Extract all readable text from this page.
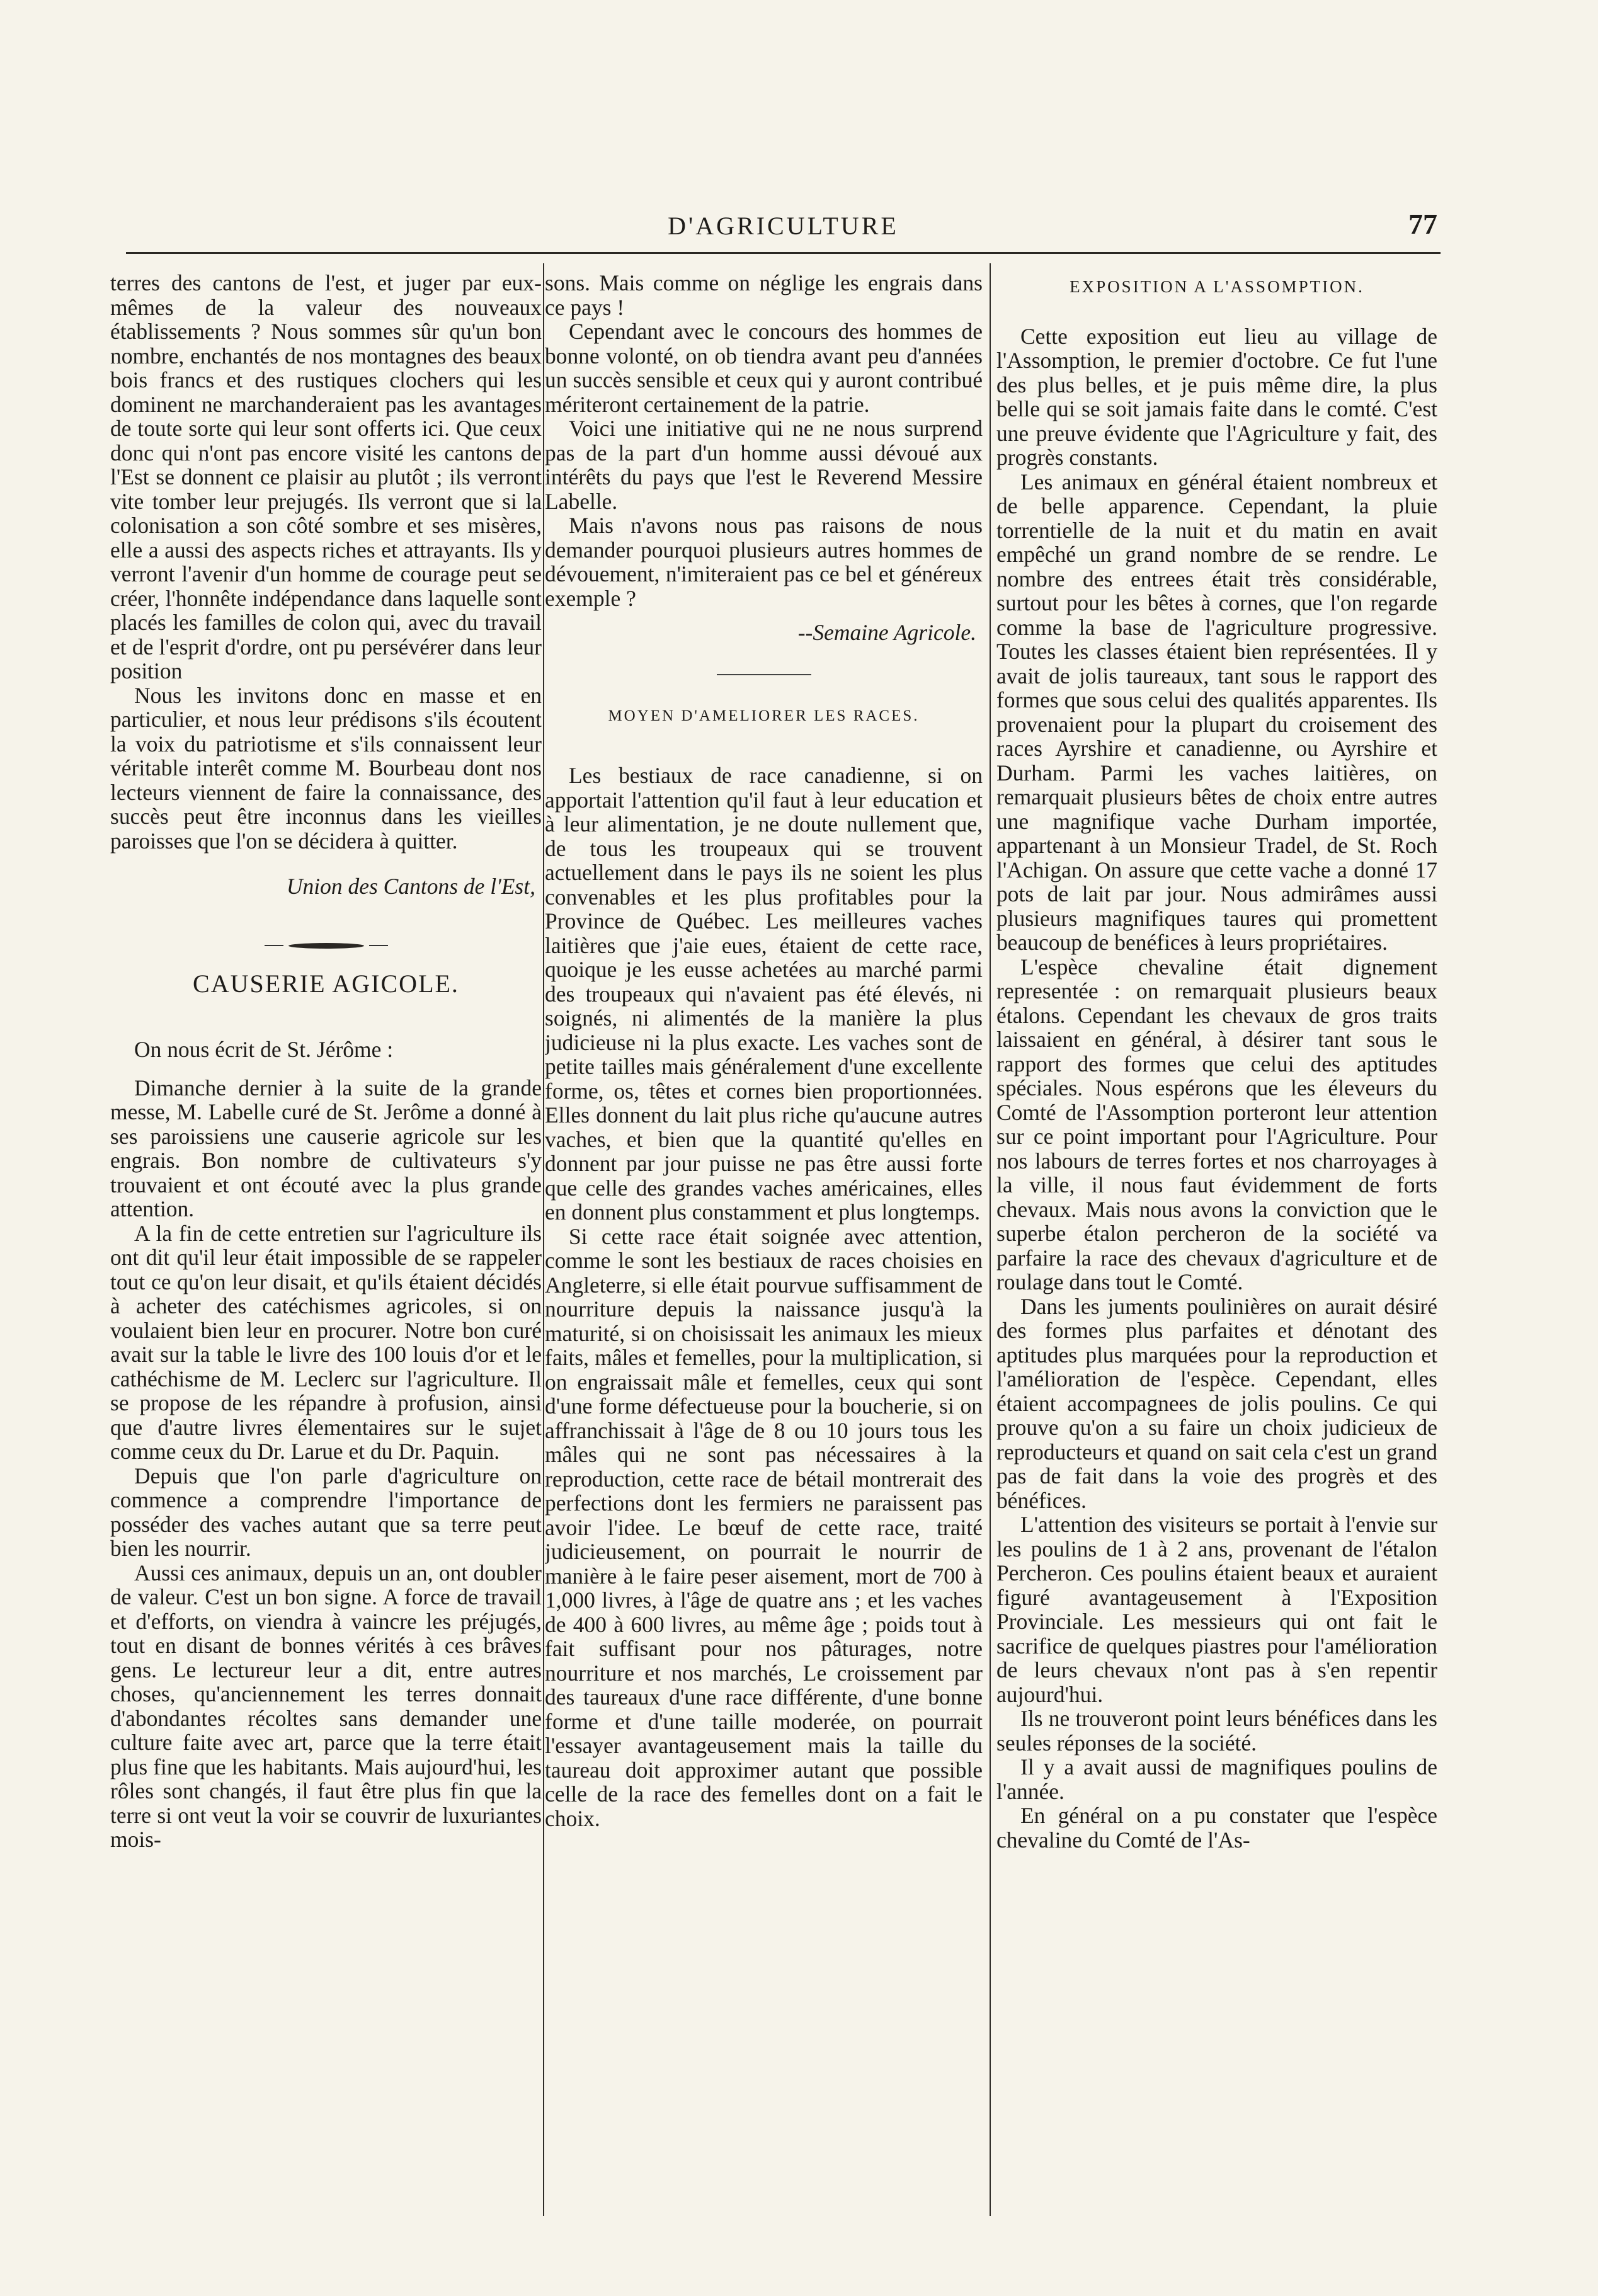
D'AGRICULTURE	77

terres des cantons de l'est, et juger par eux-mêmes de la valeur des nouveaux établissements ? Nous sommes sûr qu'un bon nombre, enchantés de nos montagnes des beaux bois francs et des rustiques clochers qui les dominent ne marchanderaient pas les avantages de toute sorte qui leur sont offerts ici. Que ceux donc qui n'ont pas encore visité les cantons de l'Est se donnent ce plaisir au plutôt ; ils verront vite tomber leur prejugés. Ils verront que si la colonisation a son côté sombre et ses misères, elle a aussi des aspects riches et attrayants. Ils y verront l'avenir d'un homme de courage peut se créer, l'honnête indépendance dans laquelle sont placés les familles de colon qui, avec du travail et de l'esprit d'ordre, ont pu persévérer dans leur position

Nous les invitons donc en masse et en particulier, et nous leur prédisons s'ils écoutent la voix du patriotisme et s'ils connaissent leur véritable interêt comme M. Bourbeau dont nos lecteurs viennent de faire la connaissance, des succès peut être inconnus dans les vieilles paroisses que l'on se décidera à quitter.

Union des Cantons de l'Est,

CAUSERIE AGICOLE.

On nous écrit de St. Jérôme :

Dimanche dernier à la suite de la grande messe, M. Labelle curé de St. Jerôme a donné à ses paroissiens une causerie agricole sur les engrais. Bon nombre de cultivateurs s'y trouvaient et ont écouté avec la plus grande attention.

A la fin de cette entretien sur l'agriculture ils ont dit qu'il leur était impossible de se rappeler tout ce qu'on leur disait, et qu'ils étaient décidés à acheter des catéchismes agricoles, si on voulaient bien leur en procurer. Notre bon curé avait sur la table le livre des 100 louis d'or et le cathéchisme de M. Leclerc sur l'agriculture. Il se propose de les répandre à profusion, ainsi que d'autre livres élementaires sur le sujet comme ceux du Dr. Larue et du Dr. Paquin.

Depuis que l'on parle d'agriculture on commence a comprendre l'importance de posséder des vaches autant que sa terre peut bien les nourrir.

Aussi ces animaux, depuis un an, ont doubler de valeur. C'est un bon signe. A force de travail et d'efforts, on viendra à vaincre les préjugés, tout en disant de bonnes vérités à ces brâves gens. Le lectureur leur a dit, entre autres choses, qu'anciennement les terres donnait d'abondantes récoltes sans demander une culture faite avec art, parce que la terre était plus fine que les habitants. Mais aujourd'hui, les rôles sont changés, il faut être plus fin que la terre si ont veut la voir se couvrir de luxuriantes mois-

sons. Mais comme on néglige les engrais dans ce pays !

Cependant avec le concours des hommes de bonne volonté, on ob tiendra avant peu d'années un succès sensible et ceux qui y auront contribué mériteront certainement de la patrie.

Voici une initiative qui ne ne nous surprend pas de la part d'un homme aussi dévoué aux intérêts du pays que l'est le Reverend Messire Labelle.

Mais n'avons nous pas raisons de nous demander pourquoi plusieurs autres hommes de dévouement, n'imiteraient pas ce bel et généreux exemple ?

--Semaine Agricole.

MOYEN D'AMELIORER LES RACES.

Les bestiaux de race canadienne, si on apportait l'attention qu'il faut à leur education et à leur alimentation, je ne doute nullement que, de tous les troupeaux qui se trouvent actuellement dans le pays ils ne soient les plus convenables et les plus profitables pour la Province de Québec. Les meilleures vaches laitières que j'aie eues, étaient de cette race, quoique je les eusse achetées au marché parmi des troupeaux qui n'avaient pas été élevés, ni soignés, ni alimentés de la manière la plus judicieuse ni la plus exacte. Les vaches sont de petite tailles mais généralement d'une excellente forme, os, têtes et cornes bien proportionnées. Elles donnent du lait plus riche qu'aucune autres vaches, et bien que la quantité qu'elles en donnent par jour puisse ne pas être aussi forte que celle des grandes vaches américaines, elles en donnent plus constamment et plus longtemps.

Si cette race était soignée avec attention, comme le sont les bestiaux de races choisies en Angleterre, si elle était pourvue suffisamment de nourriture depuis la naissance jusqu'à la maturité, si on choisissait les animaux les mieux faits, mâles et femelles, pour la multiplication, si on engraissait mâle et femelles, ceux qui sont d'une forme défectueuse pour la boucherie, si on affranchissait à l'âge de 8 ou 10 jours tous les mâles qui ne sont pas nécessaires à la reproduction, cette race de bétail montrerait des perfections dont les fermiers ne paraissent pas avoir l'idee. Le bœuf de cette race, traité judicieusement, on pourrait le nourrir de manière à le faire peser aisement, mort de 700 à 1,000 livres, à l'âge de quatre ans ; et les vaches de 400 à 600 livres, au même âge ; poids tout à fait suffisant pour nos pâturages, notre nourriture et nos marchés, Le croissement par des taureaux d'une race différente, d'une bonne forme et d'une taille moderée, on pourrait l'essayer avantageusement mais la taille du taureau doit approximer autant que possible celle de la race des femelles dont on a fait le choix.

EXPOSITION A L'ASSOMPTION.

Cette exposition eut lieu au village de l'Assomption, le premier d'octobre. Ce fut l'une des plus belles, et je puis même dire, la plus belle qui se soit jamais faite dans le comté. C'est une preuve évidente que l'Agriculture y fait, des progrès constants.

Les animaux en général étaient nombreux et de belle apparence. Cependant, la pluie torrentielle de la nuit et du matin en avait empêché un grand nombre de se rendre. Le nombre des entrees était très considérable, surtout pour les bêtes à cornes, que l'on regarde comme la base de l'agriculture progressive. Toutes les classes étaient bien représentées. Il y avait de jolis taureaux, tant sous le rapport des formes que sous celui des qualités apparentes. Ils provenaient pour la plupart du croisement des races Ayrshire et canadienne, ou Ayrshire et Durham. Parmi les vaches laitières, on remarquait plusieurs bêtes de choix entre autres une magnifique vache Durham importée, appartenant à un Monsieur Tradel, de St. Roch l'Achigan. On assure que cette vache a donné 17 pots de lait par jour. Nous admirâmes aussi plusieurs magnifiques taures qui promettent beaucoup de benéfices à leurs propriétaires.

L'espèce chevaline était dignement representée : on remarquait plusieurs beaux étalons. Cependant les chevaux de gros traits laissaient en général, à désirer tant sous le rapport des formes que celui des aptitudes spéciales. Nous espérons que les éleveurs du Comté de l'Assomption porteront leur attention sur ce point important pour l'Agriculture. Pour nos labours de terres fortes et nos charroyages à la ville, il nous faut évidemment de forts chevaux. Mais nous avons la conviction que le superbe étalon percheron de la société va parfaire la race des chevaux d'agriculture et de roulage dans tout le Comté.

Dans les juments poulinières on aurait désiré des formes plus parfaites et dénotant des aptitudes plus marquées pour la reproduction et l'amélioration de l'espèce. Cependant, elles étaient accompagnees de jolis poulins. Ce qui prouve qu'on a su faire un choix judicieux de reproducteurs et quand on sait cela c'est un grand pas de fait dans la voie des progrès et des bénéfices.

L'attention des visiteurs se portait à l'envie sur les poulins de 1 à 2 ans, provenant de l'étalon Percheron. Ces poulins étaient beaux et auraient figuré avantageusement à l'Exposition Provinciale. Les messieurs qui ont fait le sacrifice de quelques piastres pour l'amélioration de leurs chevaux n'ont pas à s'en repentir aujourd'hui.

Ils ne trouveront point leurs bénéfices dans les seules réponses de la société.

Il y a avait aussi de magnifiques poulins de l'année.

En général on a pu constater que l'espèce chevaline du Comté de l'As-
